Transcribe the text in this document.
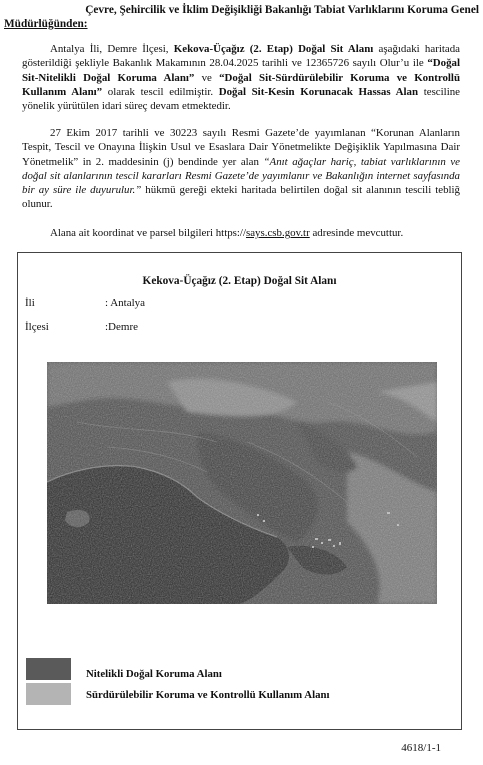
Çevre, Şehircilik ve İklim Değişikliği Bakanlığı Tabiat Varlıklarını Koruma Genel
Müdürlüğünden:

Antalya İli, Demre İlçesi, Kekova-Üçağız (2. Etap) Doğal Sit Alanı aşağıdaki haritada gösterildiği şekliyle Bakanlık Makamının 28.04.2025 tarihli ve 12365726 sayılı Olur’u ile “Doğal Sit-Nitelikli Doğal Koruma Alanı” ve “Doğal Sit-Sürdürülebilir Koruma ve Kontrollü Kullanım Alanı” olarak tescil edilmiştir. Doğal Sit-Kesin Korunacak Hassas Alan tesciline yönelik yürütülen idari süreç devam etmektedir.

27 Ekim 2017 tarihli ve 30223 sayılı Resmi Gazete’de yayımlanan “Korunan Alanların Tespit, Tescil ve Onayına İlişkin Usul ve Esaslara Dair Yönetmelikte Değişiklik Yapılmasına Dair Yönetmelik” in 2. maddesinin (j) bendinde yer alan “Anıt ağaçlar hariç, tabiat varlıklarının ve doğal sit alanlarının tescil kararları Resmi Gazete’de yayımlanır ve Bakanlığın internet sayfasında bir ay süre ile duyurulur.” hükmü gereği ekteki haritada belirtilen doğal sit alanının tescili tebliğ olunur.

Alana ait koordinat ve parsel bilgileri https://says.csb.gov.tr adresinde mevcuttur.

Kekova-Üçağız (2. Etap) Doğal Sit Alanı
İli	: Antalya
İlçesi	:Demre
Nitelikli Doğal Koruma Alanı
Sürdürülebilir Koruma ve Kontrollü Kullanım Alanı
4618/1-1
